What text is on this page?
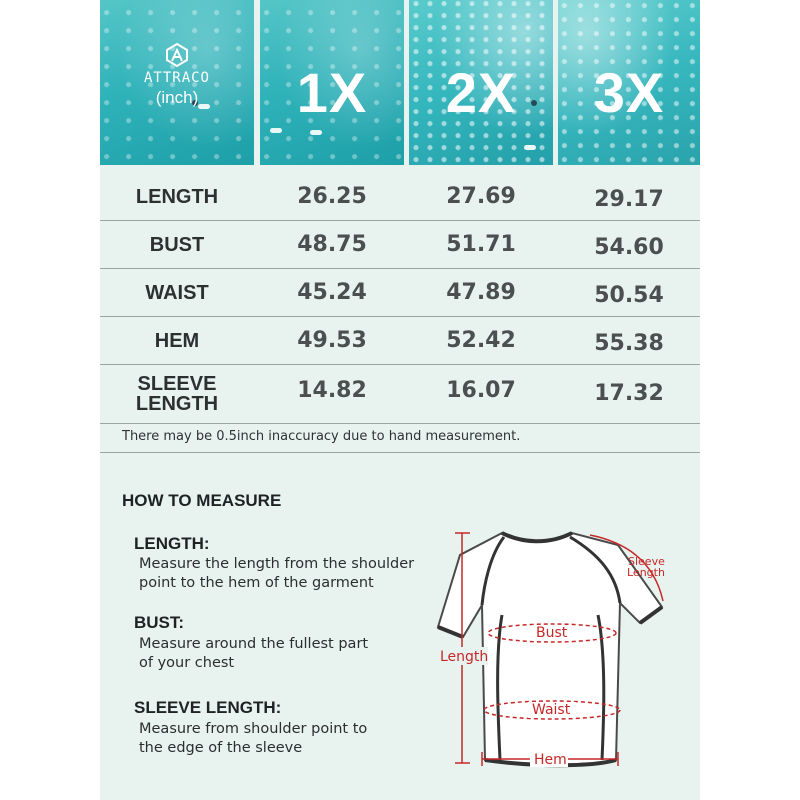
ATTRACO
(inch)	1X	2X	3X
LENGTH	26.25	27.69	29.17
BUST	48.75	51.71	54.60
WAIST	45.24	47.89	50.54
HEM	49.53	52.42	55.38
SLEEVE
LENGTH
14.82	16.07	17.32
There may be 0.5inch inaccuracy due to hand measurement.
HOW TO MEASURE
LENGTH:
Measure the length from the shoulder
point to the hem of the garment
BUST:
Measure around the fullest part
of your chest
SLEEVE LENGTH:
Measure from shoulder point to
the edge of the sleeve
Length
Bust
Waist
Hem
Sleeve
Length
